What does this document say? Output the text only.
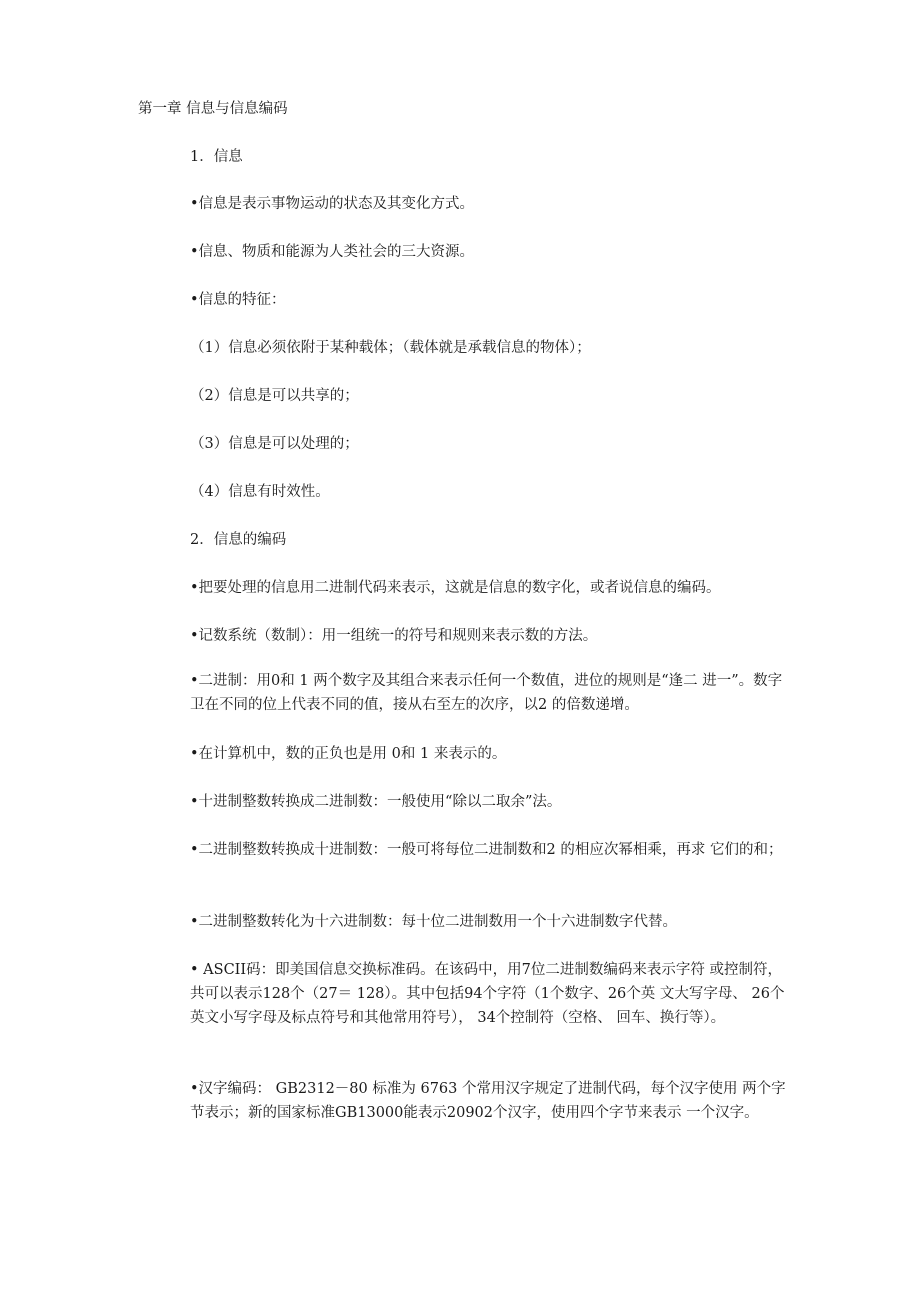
第一章 信息与信息编码
1．信息
•信息是表示事物运动的状态及其变化方式。
•信息、物质和能源为人类社会的三大资源。
•信息的特征：
（1）信息必须依附于某种载体；（载体就是承载信息的物体）；
（2）信息是可以共享的；
（3）信息是可以处理的；
（4）信息有时效性。
2．信息的编码
•把要处理的信息用二进制代码来表示，这就是信息的数字化，或者说信息的编码。
•记数系统（数制）：用一组统一的符号和规则来表示数的方法。
•二进制：用0和 1 两个数字及其组合来表示任何一个数值，进位的规则是“逢二 进一”。数字卫在不同的位上代表不同的值，接从右至左的次序，以2 的倍数递增。
•在计算机中，数的正负也是用 0和 1 来表示的。
•十进制整数转换成二进制数：一般使用“除以二取余”法。
•二进制整数转换成十进制数：一般可将每位二进制数和2 的相应次幂相乘，再求 它们的和；
•二进制整数转化为十六进制数：每十位二进制数用一个十六进制数字代替。
• ASCII码：即美国信息交换标准码。在该码中，用7位二进制数编码来表示字符 或控制符，共可以表示128个（27＝ 128）。其中包括94个字符（1个数字、26个英 文大写字母、 26个英文小写字母及标点符号和其他常用符号）， 34个控制符（空格、 回车、换行等）。
•汉字编码： GB2312－80 标准为 6763 个常用汉字规定了进制代码，每个汉字使用 两个字节表示；新的国家标准GB13000能表示20902个汉字，使用四个字节来表示 一个汉字。
